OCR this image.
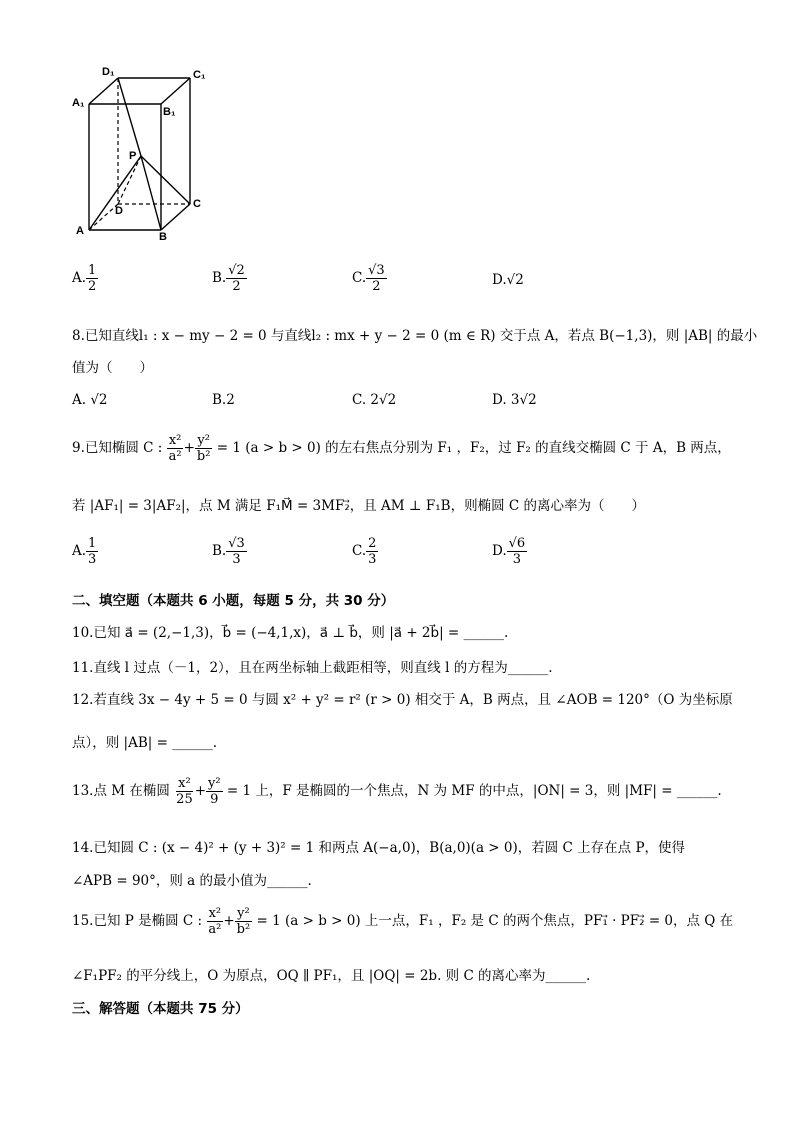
D₁	C₁
A₁
B₁
P
D
C
A	B
A. $\frac{1}{2}$	B. $\frac{√2}{2}$	C. $\frac{√3}{2}$	D.√2
8.已知直线l₁ : x − my − 2 = 0 与直线l₂ : mx + y − 2 = 0 (m ∈ R) 交于点 A，若点 B(−1,3)，则 |AB| 的最小
值为（　　）
A. √2	B.2	C. 2√2	D. 3√2
9.已知椭圆 C : $\frac{\text{x²}}{\text{a²}} + \frac{\text{y²}}{\text{b²}} = 1$ (a > b > 0) 的左右焦点分别为 F₁ ，F₂，过 F₂ 的直线交椭圆 C 于 A，B 两点，
若 |AF₁| = 3|AF₂|，点 M 满足 F₁M⃗ = 3MF₂⃗，且 AM ⊥ F₁B，则椭圆 C 的离心率为（　　）
A. $\frac{1}{3}$	B. $\frac{√3}{3}$	C. $\frac{2}{3}$	D. $\frac{√6}{3}$
二、填空题（本题共 6 小题，每题 5 分，共 30 分）
10.已知 a⃗ = (2,−1,3)，b⃗ = (−4,1,x)，a⃗ ⊥ b⃗，则 |a⃗ + 2b⃗| = ______.
11.直线 l 过点（－1，2），且在两坐标轴上截距相等，则直线 l 的方程为______.
12.若直线 3x − 4y + 5 = 0 与圆 x² + y² = r² (r > 0) 相交于 A，B 两点，且 ∠AOB = 120°（O 为坐标原
点），则 |AB| = ______.
13.点 M 在椭圆 $\frac{\text{x²}}{25} + \frac{\text{y²}}{9} = 1$ 上，F 是椭圆的一个焦点，N 为 MF 的中点，|ON| = 3，则 |MF| = ______.
14.已知圆 C : (x − 4)² + (y + 3)² = 1 和两点 A(−a,0)，B(a,0)(a > 0)，若圆 C 上存在点 P，使得
∠APB = 90°，则 a 的最小值为______.
15.已知 P 是椭圆 C : $\frac{\text{x²}}{\text{a²}} + \frac{\text{y²}}{\text{b²}} = 1$ (a > b > 0) 上一点，F₁ ，F₂ 是 C 的两个焦点，PF₁⃗ · PF₂⃗ = 0，点 Q 在
∠F₁PF₂ 的平分线上，O 为原点，OQ ∥ PF₁，且 |OQ| = 2b. 则 C 的离心率为______.
三、解答题（本题共 75 分）
